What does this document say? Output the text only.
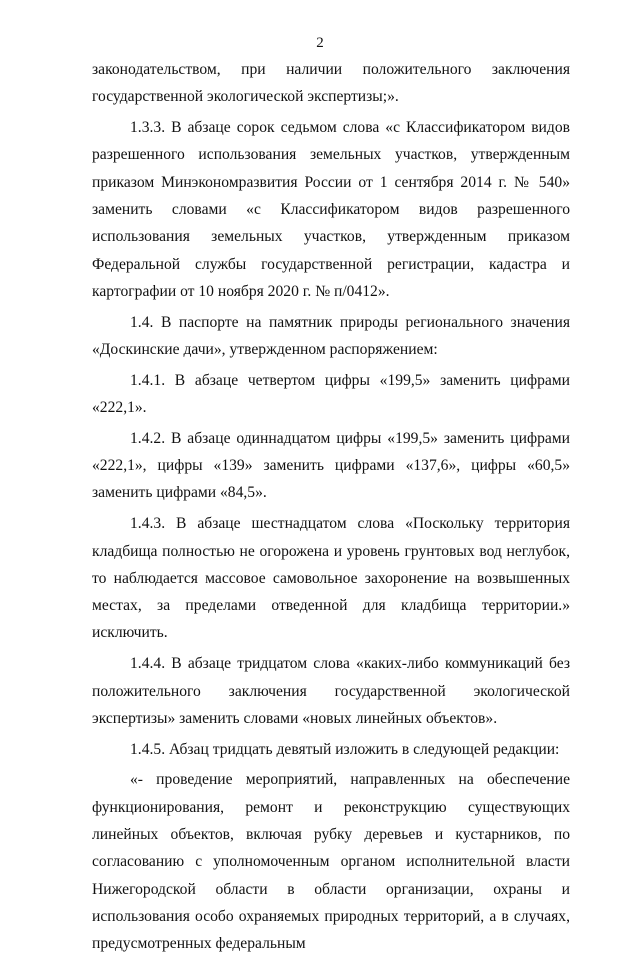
2

законодательством, при наличии положительного заключения государственной экологической экспертизы;».

1.3.3. В абзаце сорок седьмом слова «с Классификатором видов разрешенного использования земельных участков, утвержденным приказом Минэкономразвития России от 1 сентября 2014 г. № 540» заменить словами «с Классификатором видов разрешенного использования земельных участков, утвержденным приказом Федеральной службы государственной регистрации, кадастра и картографии от 10 ноября 2020 г. № п/0412».

1.4. В паспорте на памятник природы регионального значения «Доскинские дачи», утвержденном распоряжением:

1.4.1. В абзаце четвертом цифры «199,5» заменить цифрами «222,1».

1.4.2. В абзаце одиннадцатом цифры «199,5» заменить цифрами «222,1», цифры «139» заменить цифрами «137,6», цифры «60,5» заменить цифрами «84,5».

1.4.3. В абзаце шестнадцатом слова «Поскольку территория кладбища полностью не огорожена и уровень грунтовых вод неглубок, то наблюдается массовое самовольное захоронение на возвышенных местах, за пределами отведенной для кладбища территории.» исключить.

1.4.4. В абзаце тридцатом слова «каких-либо коммуникаций без положительного заключения государственной экологической экспертизы» заменить словами «новых линейных объектов».

1.4.5. Абзац тридцать девятый изложить в следующей редакции:

«- проведение мероприятий, направленных на обеспечение функционирования, ремонт и реконструкцию существующих линейных объектов, включая рубку деревьев и кустарников, по согласованию с уполномоченным органом исполнительной власти Нижегородской области в области организации, охраны и использования особо охраняемых природных территорий, а в случаях, предусмотренных федеральным
